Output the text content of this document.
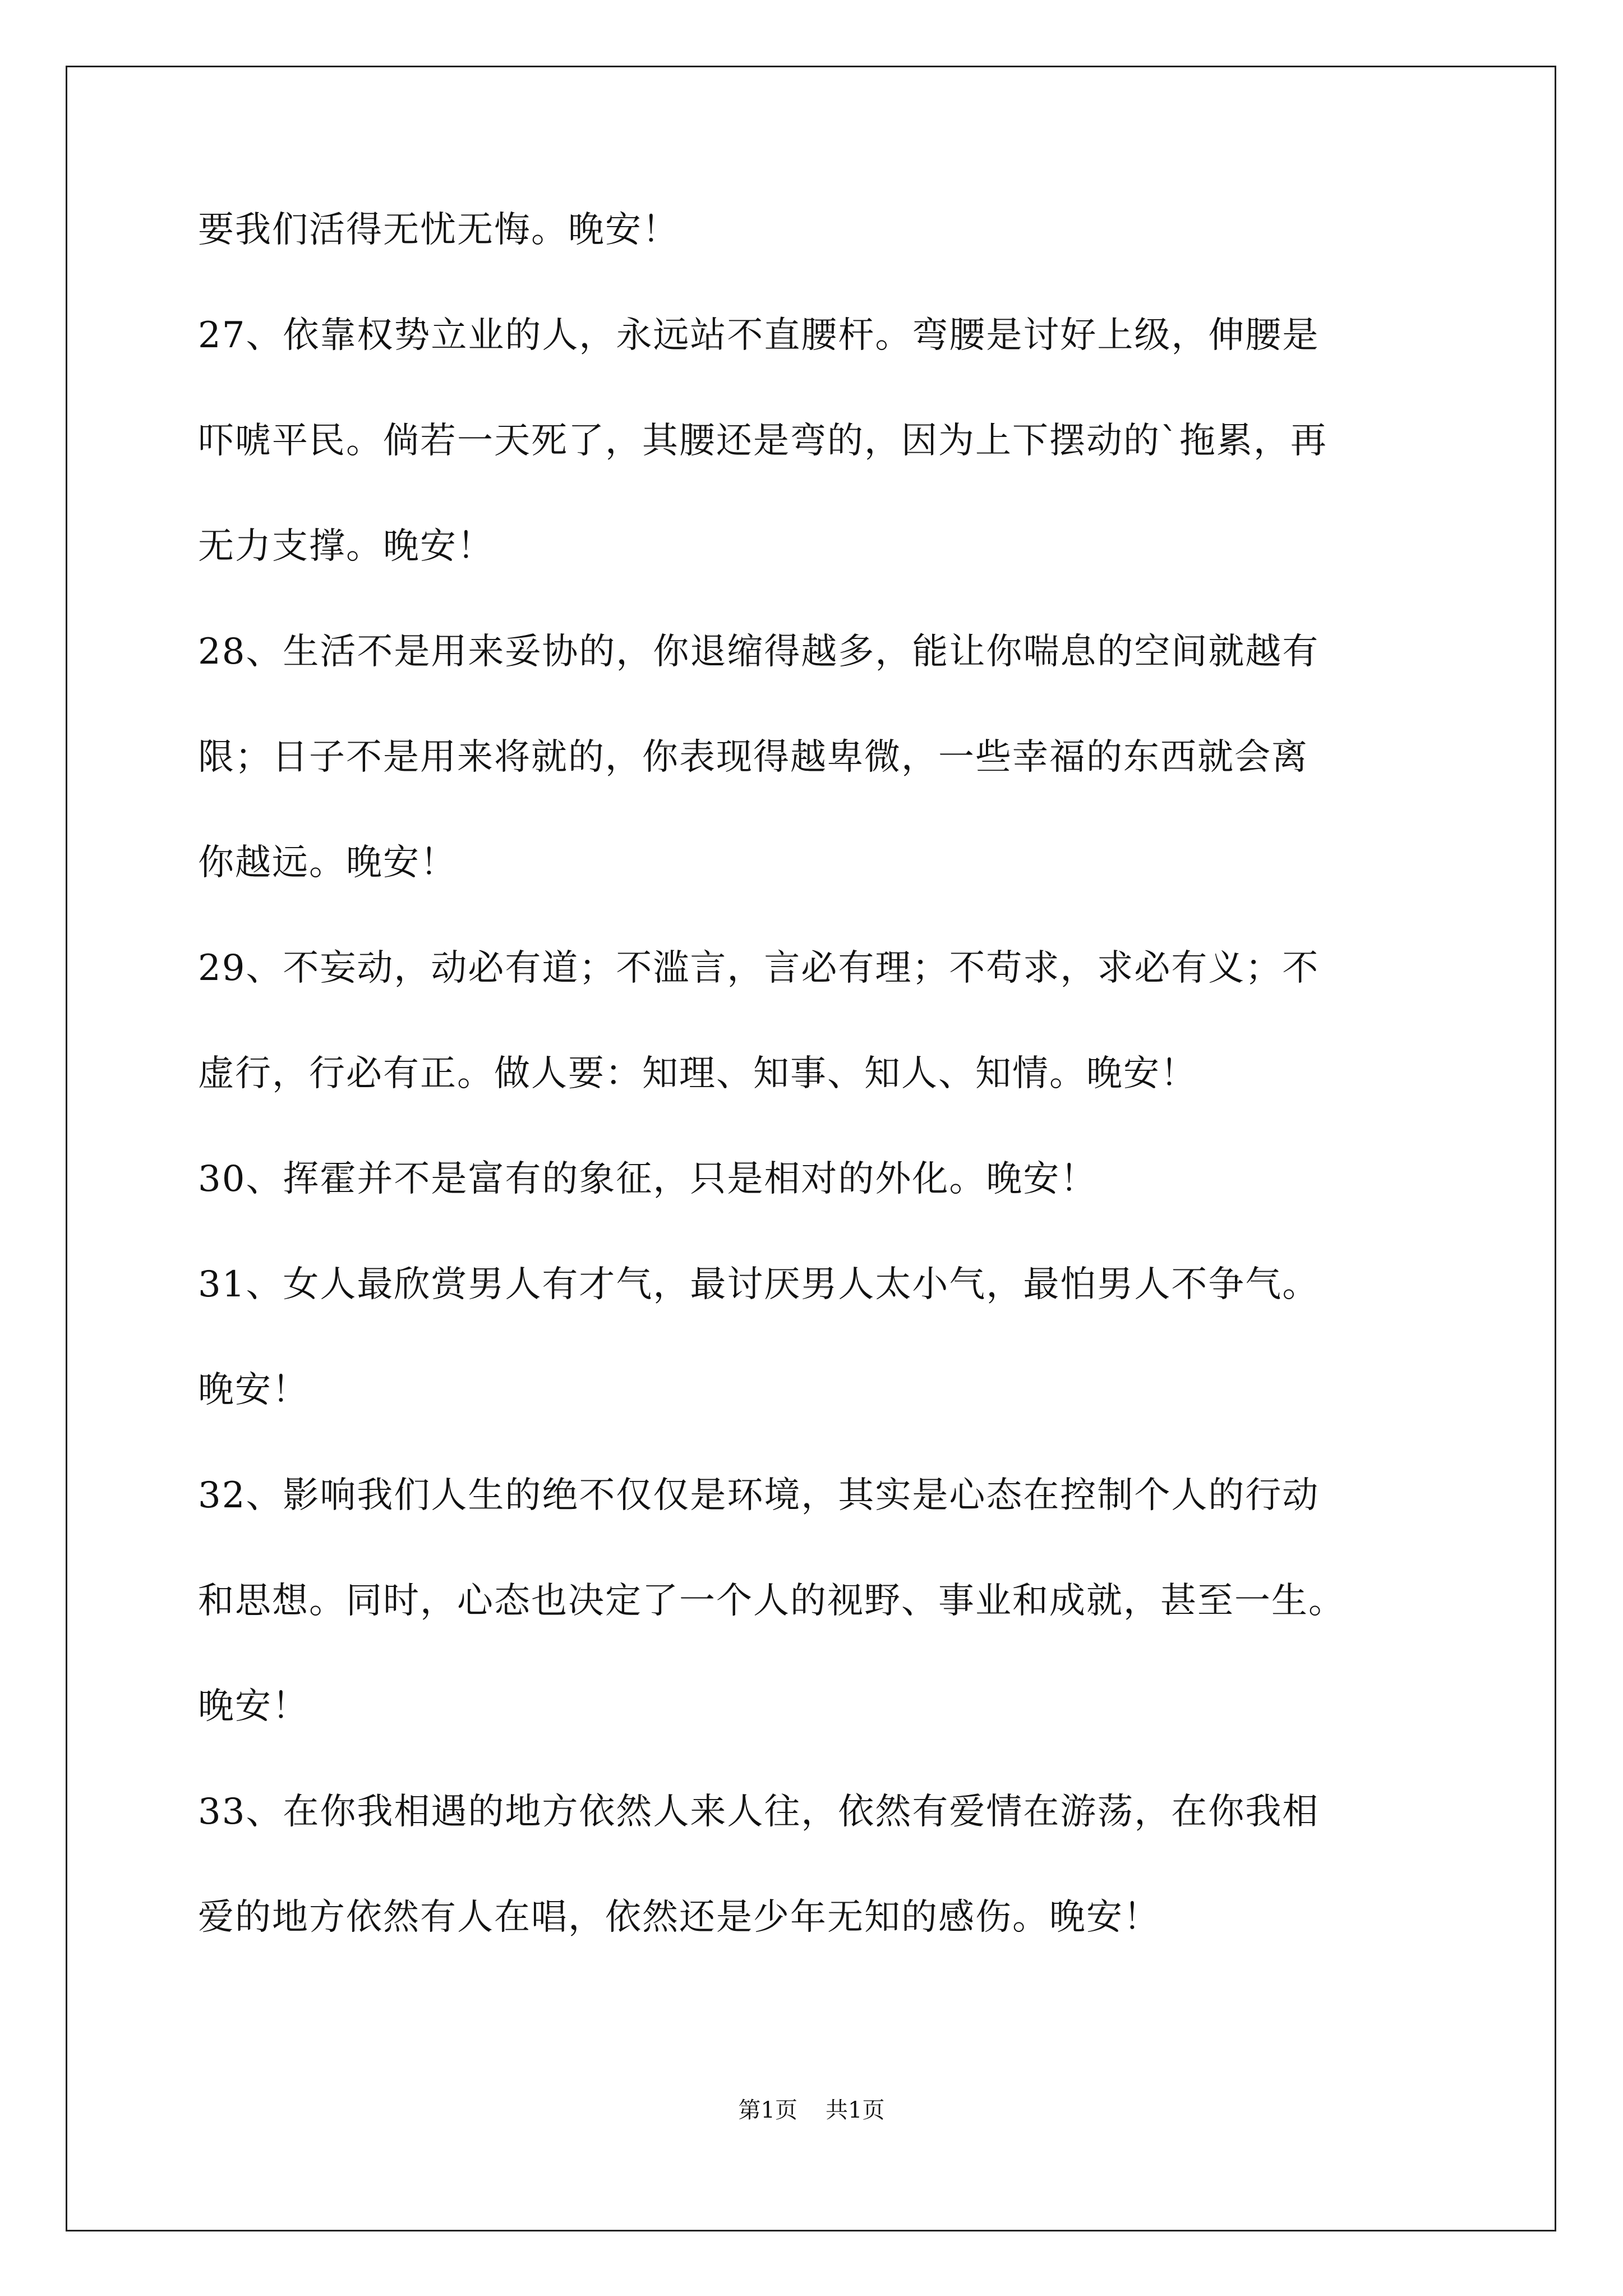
要我们活得无忧无悔。晚安！
27、依靠权势立业的人，永远站不直腰杆。弯腰是讨好上级，伸腰是
吓唬平民。倘若一天死了，其腰还是弯的，因为上下摆动的`拖累，再
无力支撑。晚安！
28、生活不是用来妥协的，你退缩得越多，能让你喘息的空间就越有
限；日子不是用来将就的，你表现得越卑微，一些幸福的东西就会离
你越远。晚安！
29、不妄动，动必有道；不滥言，言必有理；不苟求，求必有义；不
虚行，行必有正。做人要：知理、知事、知人、知情。晚安！
30、挥霍并不是富有的象征，只是相对的外化。晚安！
31、女人最欣赏男人有才气，最讨厌男人太小气，最怕男人不争气。
晚安！
32、影响我们人生的绝不仅仅是环境，其实是心态在控制个人的行动
和思想。同时，心态也决定了一个人的视野、事业和成就，甚至一生。
晚安！
33、在你我相遇的地方依然人来人往，依然有爱情在游荡，在你我相
爱的地方依然有人在唱，依然还是少年无知的感伤。晚安！
第1页 共1页
